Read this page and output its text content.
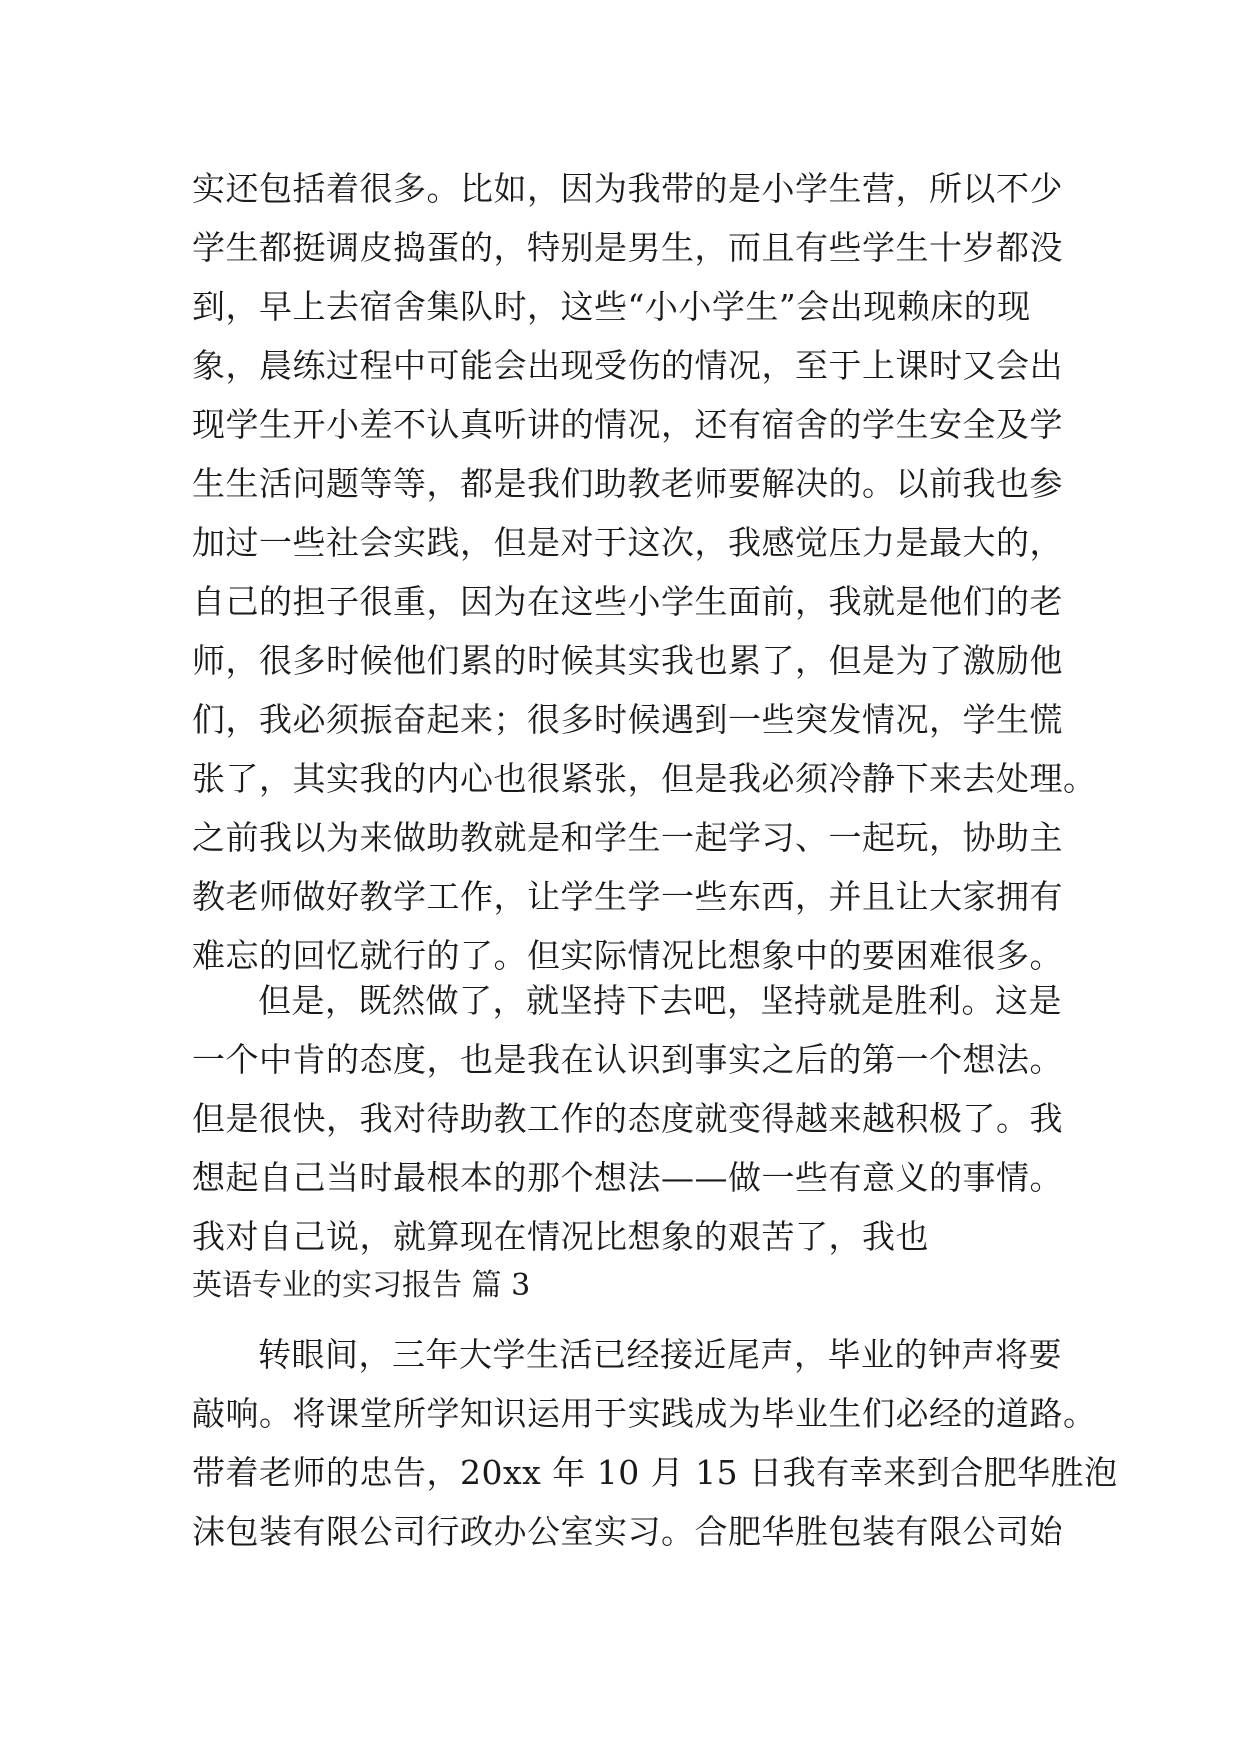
实还包括着很多。比如，因为我带的是小学生营，所以不少
学生都挺调皮捣蛋的，特别是男生，而且有些学生十岁都没
到，早上去宿舍集队时，这些“小小学生”会出现赖床的现
象，晨练过程中可能会出现受伤的情况，至于上课时又会出
现学生开小差不认真听讲的情况，还有宿舍的学生安全及学
生生活问题等等，都是我们助教老师要解决的。以前我也参
加过一些社会实践，但是对于这次，我感觉压力是最大的，
自己的担子很重，因为在这些小学生面前，我就是他们的老
师，很多时候他们累的时候其实我也累了，但是为了激励他
们，我必须振奋起来；很多时候遇到一些突发情况，学生慌
张了，其实我的内心也很紧张，但是我必须冷静下来去处理。
之前我以为来做助教就是和学生一起学习、一起玩，协助主
教老师做好教学工作，让学生学一些东西，并且让大家拥有
难忘的回忆就行的了。但实际情况比想象中的要困难很多。
但是，既然做了，就坚持下去吧，坚持就是胜利。这是
一个中肯的态度，也是我在认识到事实之后的第一个想法。
但是很快，我对待助教工作的态度就变得越来越积极了。我
想起自己当时最根本的那个想法——做一些有意义的事情。
我对自己说，就算现在情况比想象的艰苦了，我也
英语专业的实习报告 篇 3
转眼间，三年大学生活已经接近尾声，毕业的钟声将要
敲响。将课堂所学知识运用于实践成为毕业生们必经的道路。
带着老师的忠告，20xx 年 10 月 15 日我有幸来到合肥华胜泡
沫包装有限公司行政办公室实习。合肥华胜包装有限公司始
